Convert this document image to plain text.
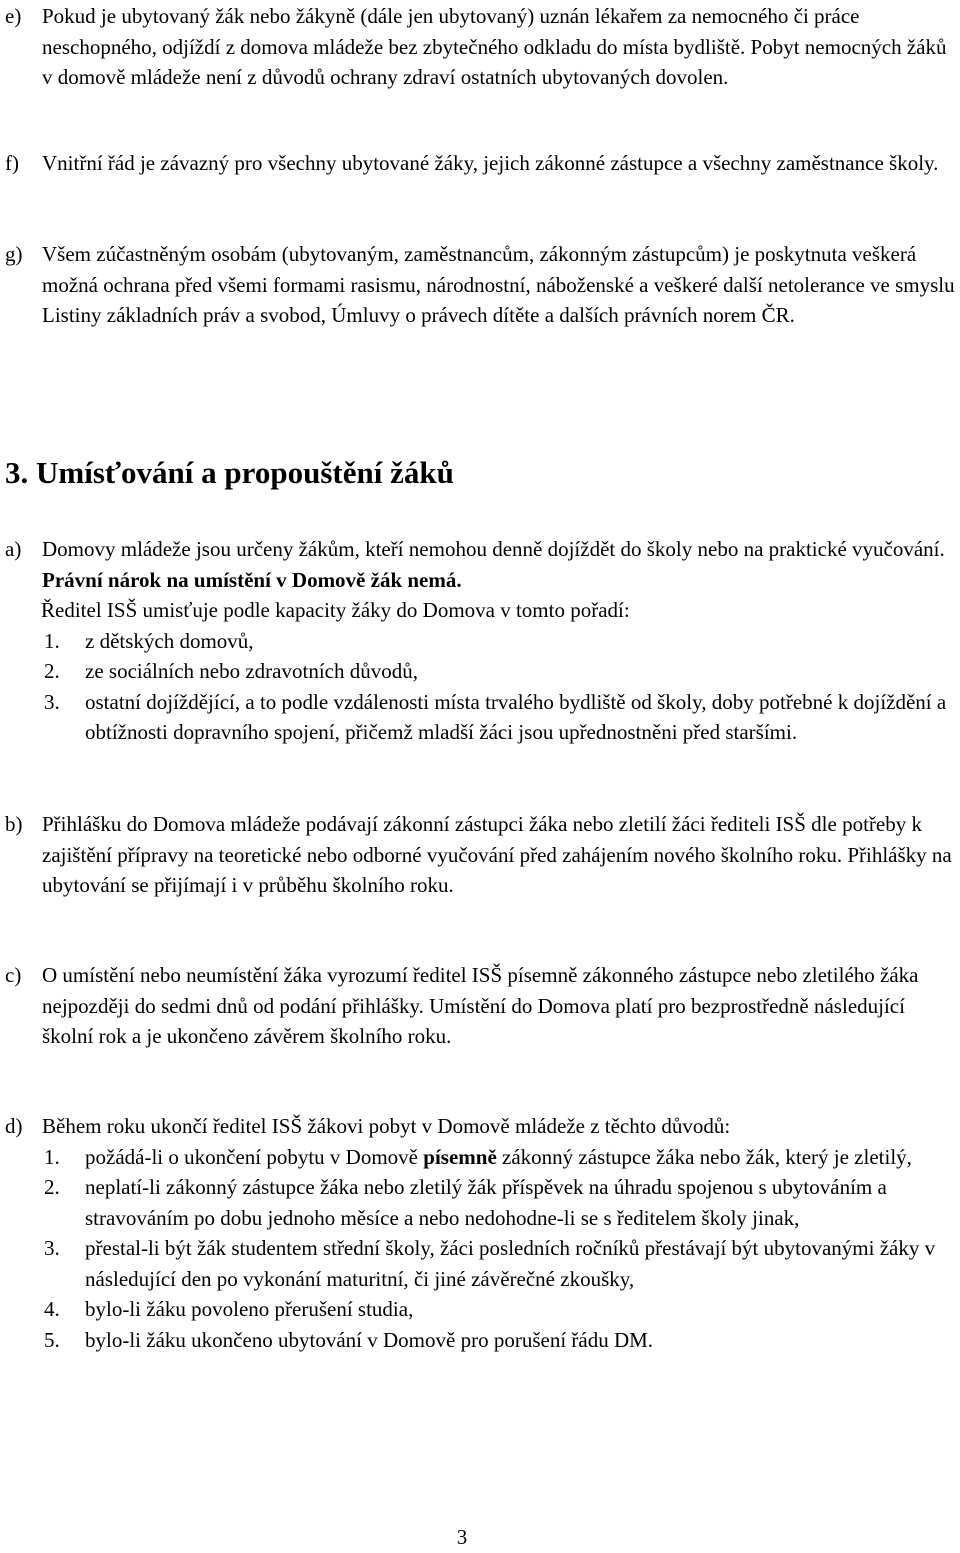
e) Pokud je ubytovaný žák nebo žákyně (dále jen ubytovaný) uznán lékařem za nemocného či práce neschopného, odjíždí z domova mládeže bez zbytečného odkladu do místa bydliště. Pobyt nemocných žáků v domově mládeže není z důvodů ochrany zdraví ostatních ubytovaných dovolen.
f) Vnitřní řád je závazný pro všechny ubytované žáky, jejich zákonné zástupce a všechny zaměstnance školy.
g) Všem zúčastněným osobám (ubytovaným, zaměstnancům, zákonným zástupcům) je poskytnuta veškerá možná ochrana před všemi formami rasismu, národnostní, náboženské a veškeré další netolerance ve smyslu Listiny základních práv a svobod, Úmluvy o právech dítěte a dalších právních norem ČR.
3. Umísťování a propouštění žáků
a) Domovy mládeže jsou určeny žákům, kteří nemohou denně dojíždět do školy nebo na praktické vyučování. Právní nárok na umístění v Domově žák nemá.

Ředitel ISŠ umisťuje podle kapacity žáky do Domova v tomto pořadí:

1. z dětských domovů,
2. ze sociálních nebo zdravotních důvodů,
3. ostatní dojíždějící, a to podle vzdálenosti místa trvalého bydliště od školy, doby potřebné k dojíždění a obtížnosti dopravního spojení, přičemž mladší žáci jsou upřednostněni před staršími.
b) Přihlášku do Domova mládeže podávají zákonní zástupci žáka nebo zletilí žáci řediteli ISŠ dle potřeby k zajištění přípravy na teoretické nebo odborné vyučování před zahájením nového školního roku. Přihlášky na ubytování se přijímají i v průběhu školního roku.
c) O umístění nebo neumístění žáka vyrozumí ředitel ISŠ písemně zákonného zástupce nebo zletilého žáka nejpozději do sedmi dnů od podání přihlášky. Umístění do Domova platí pro bezprostředně následující školní rok a je ukončeno závěrem školního roku.
d) Během roku ukončí ředitel ISŠ žákovi pobyt v Domově mládeže z těchto důvodů:

1. požádá-li o ukončení pobytu v Domově písemně zákonný zástupce žáka nebo žák, který je zletilý,
2. neplatí-li zákonný zástupce žáka nebo zletilý žák příspěvek na úhradu spojenou s ubytováním a stravováním po dobu jednoho měsíce a nebo nedohodne-li se s ředitelem školy jinak,
3. přestal-li být žák studentem střední školy, žáci posledních ročníků přestávají být ubytovanými žáky v následující den po vykonání maturitní, či jiné závěrečné zkoušky,
4. bylo-li žáku povoleno přerušení studia,
5. bylo-li žáku ukončeno ubytování v Domově pro porušení řádu DM.
3
